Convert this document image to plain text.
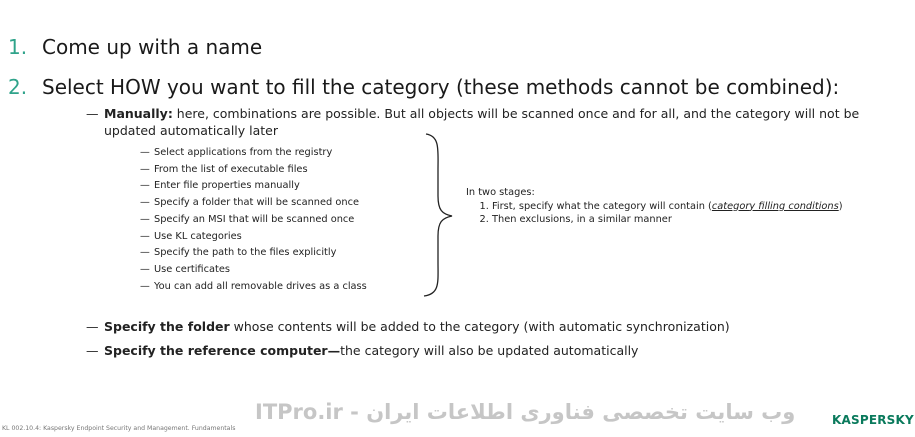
1. Come up with a name
2. Select HOW you want to fill the category (these methods cannot be combined):
— Manually: here, combinations are possible. But all objects will be scanned once and for all, and the category will not be
updated automatically later
— Select applications from the registry
— From the list of executable files
— Enter file properties manually
— Specify a folder that will be scanned once
— Specify an MSI that will be scanned once
— Use KL categories
— Specify the path to the files explicitly
— Use certificates
— You can add all removable drives as a class
In two stages:
1. First, specify what the category will contain (category filling conditions)
2. Then exclusions, in a similar manner
— Specify the folder whose contents will be added to the category (with automatic synchronization)
— Specify the reference computer—the category will also be updated automatically
KL 002.10.4: Kaspersky Endpoint Security and Management. Fundamentals
ITPro.ir - وب سایت تخصصی فناوری اطلاعات ایران	KASPERSKY
